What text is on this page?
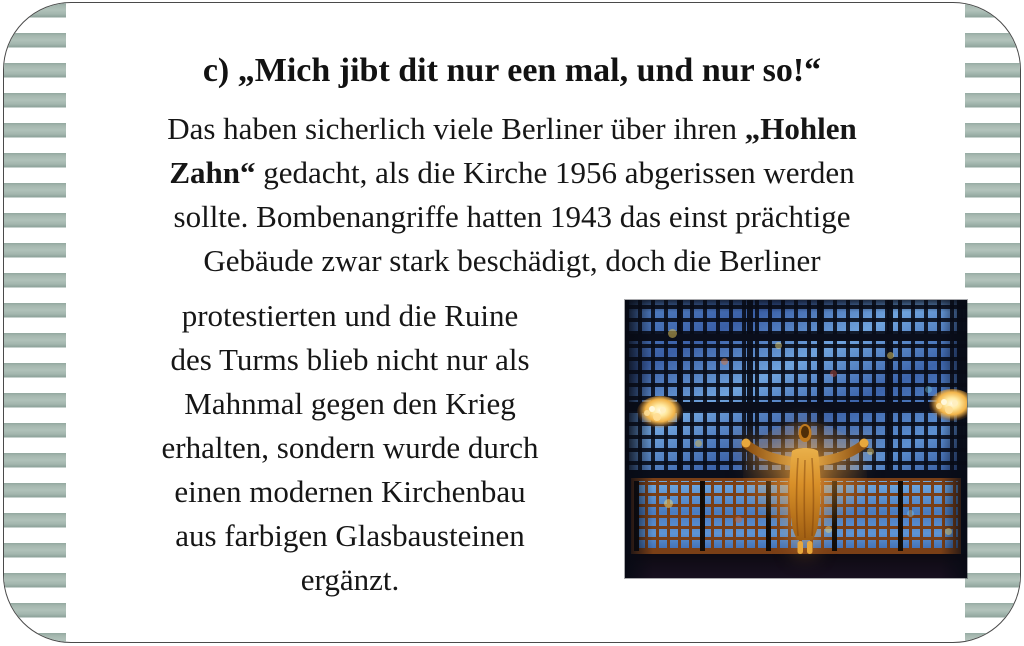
c) „Mich jibt dit nur een mal, und nur so!“
Das haben sicherlich viele Berliner über ihren „Hohlen
Zahn“ gedacht, als die Kirche 1956 abgerissen werden
sollte. Bombenangriffe hatten 1943 das einst prächtige
Gebäude zwar stark beschädigt, doch die Berliner
protestierten und die Ruine
des Turms blieb nicht nur als
Mahnmal gegen den Krieg
erhalten, sondern wurde durch
einen modernen Kirchenbau
aus farbigen Glasbausteinen
ergänzt.
